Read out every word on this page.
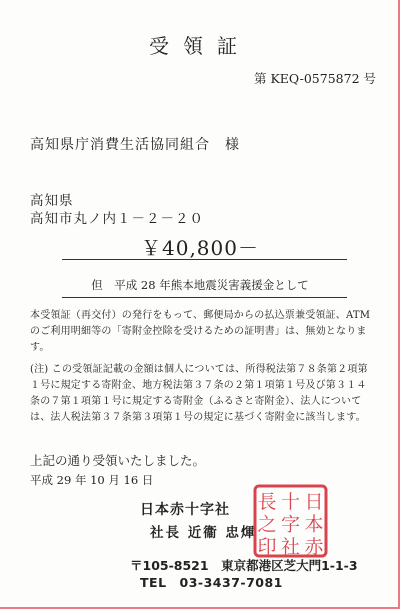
受領証
第 KEQ-0575872 号
高知県庁消費生活協同組合　様
高知県
高知市丸ノ内１－２－２０
￥40,800－
但　平成 28 年熊本地震災害義援金として
本受領証（再交付）の発行をもって、郵便局からの払込票兼受領証、ATMのご利用明細等の「寄附金控除を受けるための証明書」は、無効となります。
(注) この受領証記載の金額は個人については、所得税法第７８条第２項第１号に規定する寄附金、地方税法第３７条の２第１項第１号及び第３１４条の７第１項第１号に規定する寄附金（ふるさと寄附金）、法人については、法人税法第３７条第３項第１号の規定に基づく寄附金に該当します。
上記の通り受領いたしました。
平成 29 年 10 月 16 日
日本赤十字社
社長 近衞 忠煇
日
本
赤
十
字
社
長
之
印
〒105-8521　東京都港区芝大門1-1-3
TEL　03-3437-7081
